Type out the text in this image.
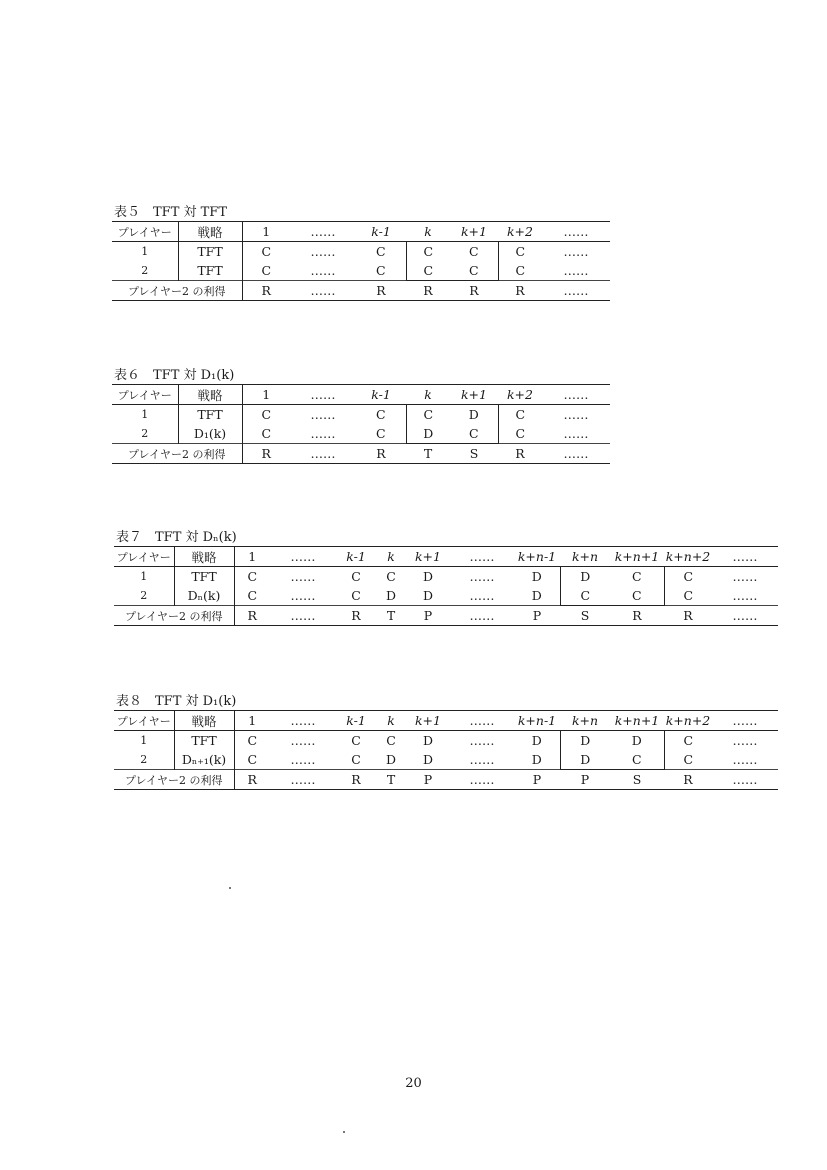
表５　TFT 対 TFT
プレイヤー	戦略	1	……	k-1	k	k+1	k+2	……
1	TFT	C	……	C	C	C	C	……
2	TFT	C	……	C	C	C	C	……
プレイヤー2 の利得		R	……	R	R	R	R	……
表６　TFT 対 D₁(k)
プレイヤー	戦略	1	……	k-1	k	k+1	k+2	……
1	TFT	C	……	C	C	D	C	……
2	D₁(k)	C	……	C	D	C	C	……
プレイヤー2 の利得		R	……	R	T	S	R	……
表７　TFT 対 Dₙ(k)
プレイヤー	戦略	1	……	k-1	k	k+1	……	k+n-1	k+n	k+n+1	k+n+2	……
1	TFT	C	……	C	C	D	……	D	D	C	C	……
2	Dₙ(k)	C	……	C	D	D	……	D	C	C	C	……
プレイヤー2 の利得		R	……	R	T	P	……	P	S	R	R	……
表８　TFT 対 D₁(k)
プレイヤー	戦略	1	……	k-1	k	k+1	……	k+n-1	k+n	k+n+1	k+n+2	……
1	TFT	C	……	C	C	D	……	D	D	D	C	……
2	Dₙ₊₁(k)	C	……	C	D	D	……	D	D	C	C	……
プレイヤー2 の利得		R	……	R	T	P	……	P	P	S	R	……
20
